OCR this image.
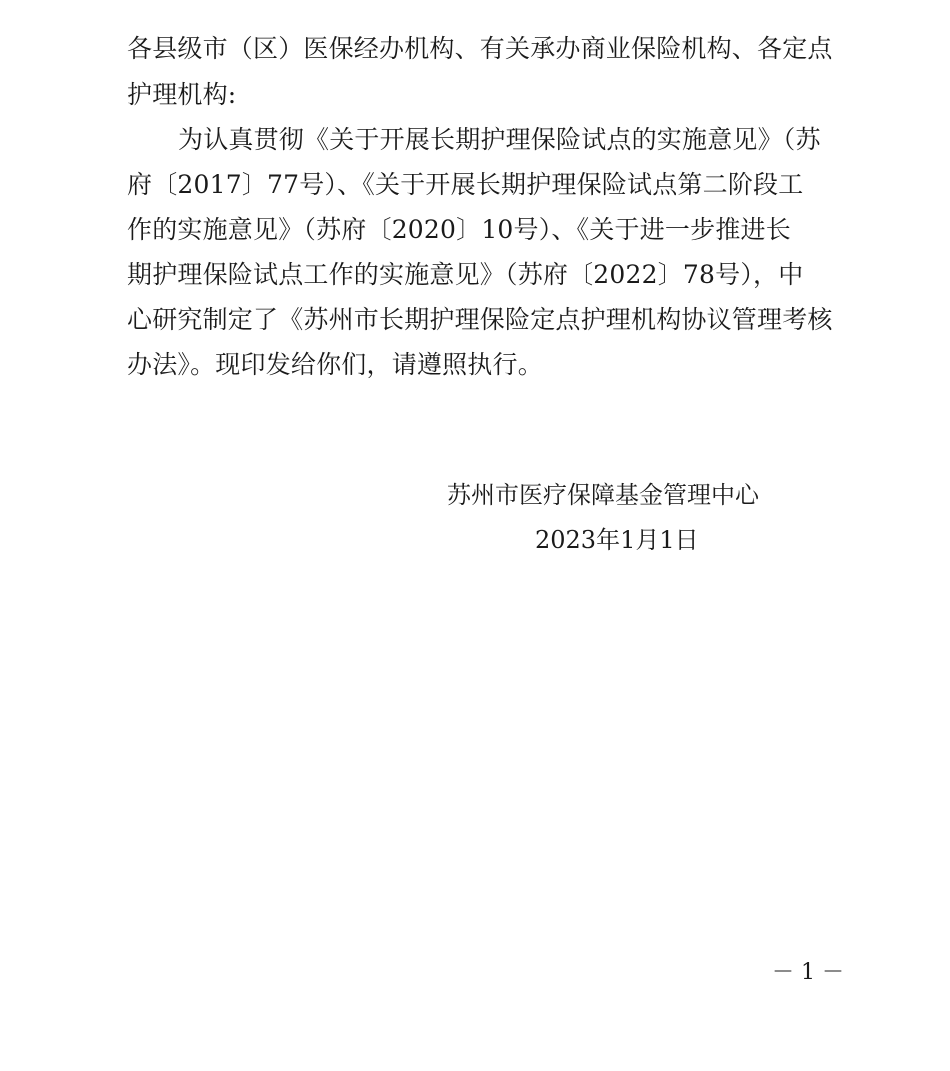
各县级市（区）医保经办机构、有关承办商业保险机构、各定点
护理机构:
为认真贯彻《关于开展长期护理保险试点的实施意见》（苏
府〔2017〕77号）、《关于开展长期护理保险试点第二阶段工
作的实施意见》（苏府〔2020〕10号）、《关于进一步推进长
期护理保险试点工作的实施意见》（苏府〔2022〕78号），中
心研究制定了《苏州市长期护理保险定点护理机构协议管理考核
办法》。现印发给你们，请遵照执行。
苏州市医疗保障基金管理中心
2023年1月1日
－ 1 －
